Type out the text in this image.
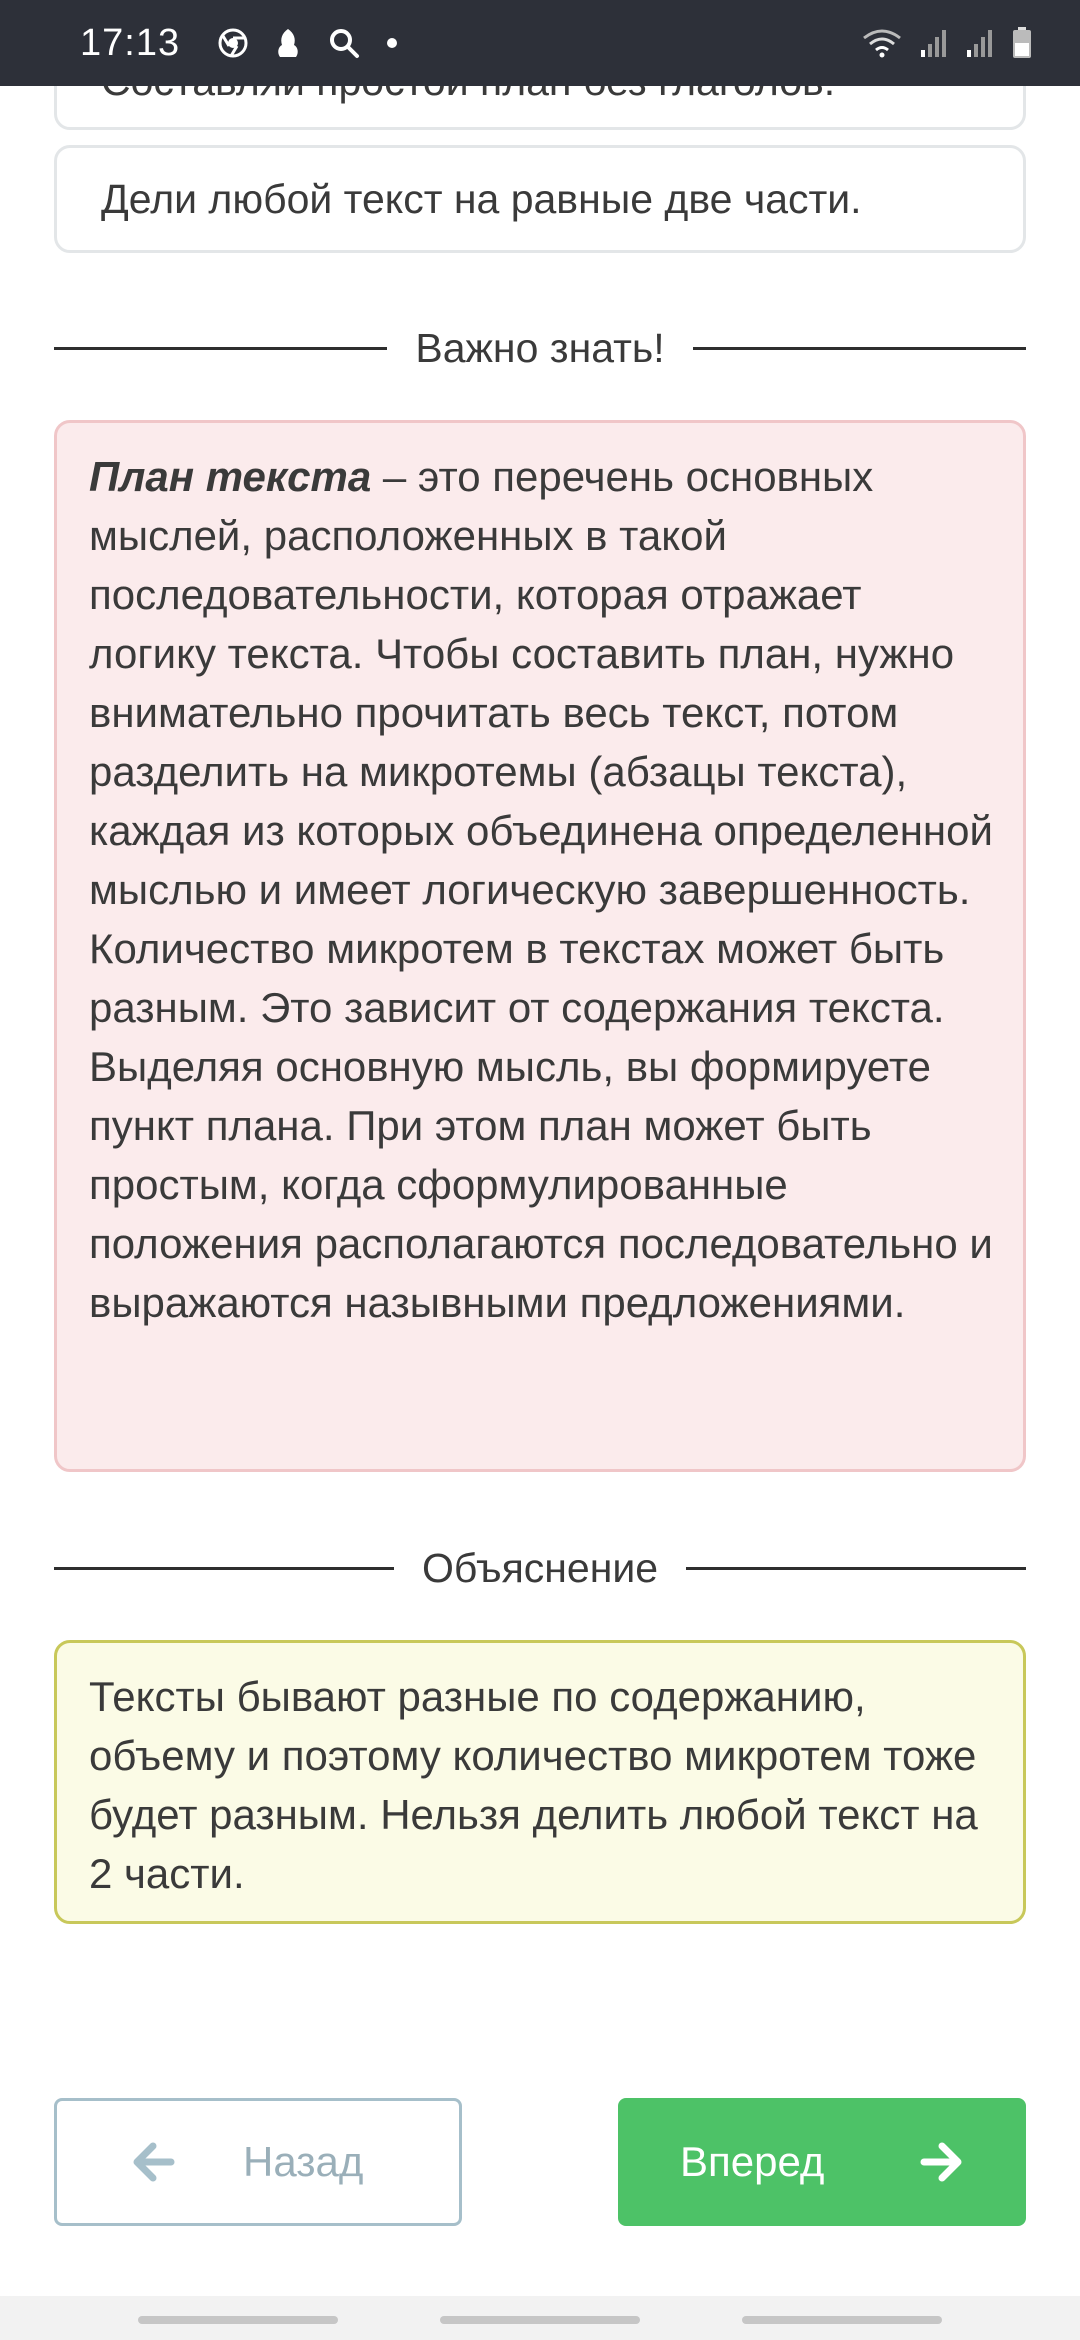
17:13
Дели любой текст на равные две части.
Важно знать!
План текста – это перечень основных мыслей, расположенных в такой последовательности, которая отражает логику текста. Чтобы составить план, нужно внимательно прочитать весь текст, потом разделить на микротемы (абзацы текста), каждая из которых объединена определенной мыслью и имеет логическую завершенность. Количество микротем в текстах может быть разным. Это зависит от содержания текста. Выделяя основную мысль, вы формируете пункт плана. При этом план может быть простым, когда сформулированные положения располагаются последовательно и выражаются назывными предложениями.
Объяснение
Тексты бывают разные по содержанию, объему и поэтому количество микротем тоже будет разным. Нельзя делить любой текст на 2 части.
Назад	Вперед
